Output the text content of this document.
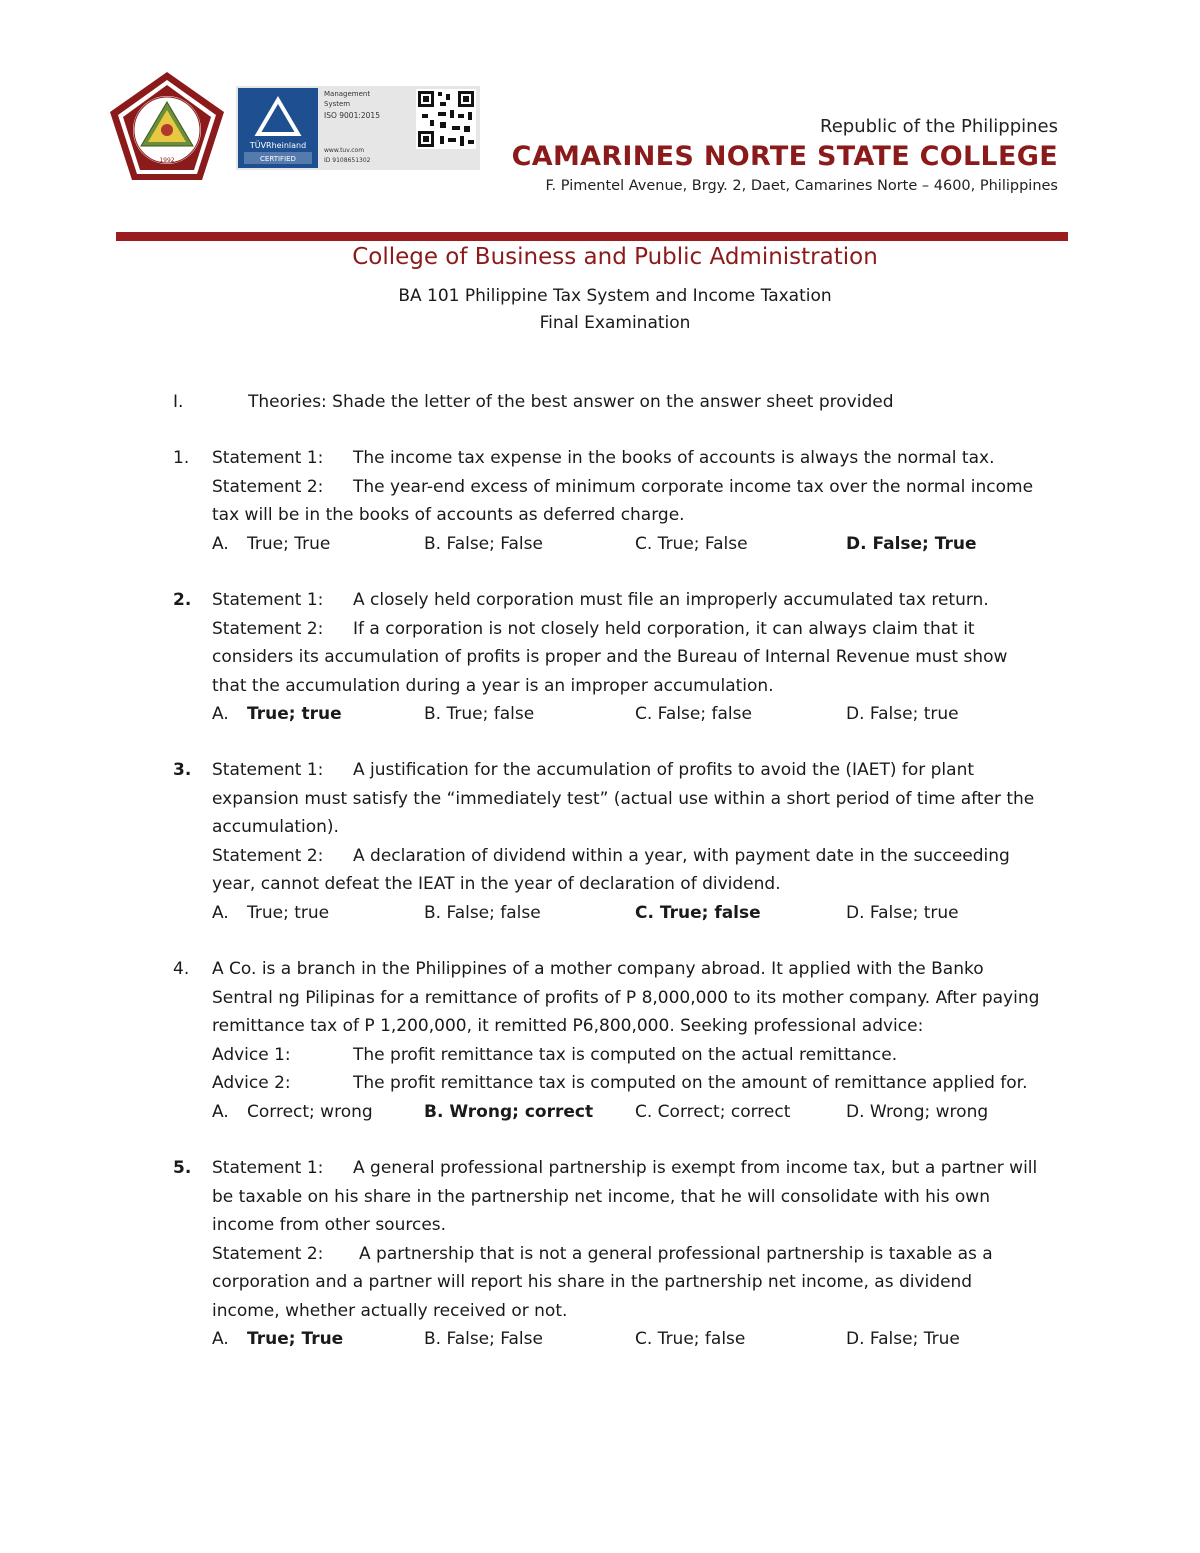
1992
TÜVRheinland
CERTIFIED
Management
System
ISO 9001:2015
www.tuv.com
ID 9108651302
Republic of the Philippines
CAMARINES NORTE STATE COLLEGE
F. Pimentel Avenue, Brgy. 2, Daet, Camarines Norte – 4600, Philippines
College of Business and Public Administration
BA 101 Philippine Tax System and Income Taxation
Final Examination
I.	Theories: Shade the letter of the best answer on the answer sheet provided
1.	Statement 1: The income tax expense in the books of accounts is always the normal tax.
Statement 2: The year-end excess of minimum corporate income tax over the normal income
tax will be in the books of accounts as deferred charge.
A. True; True	B. False; False	C. True; False	D. False; True
2.	Statement 1: A closely held corporation must file an improperly accumulated tax return.
Statement 2: If a corporation is not closely held corporation, it can always claim that it
considers its accumulation of profits is proper and the Bureau of Internal Revenue must show
that the accumulation during a year is an improper accumulation.
A. True; true	B. True; false	C. False; false	D. False; true
3.	Statement 1: A justification for the accumulation of profits to avoid the (IAET) for plant
expansion must satisfy the “immediately test” (actual use within a short period of time after the
accumulation).
Statement 2: A declaration of dividend within a year, with payment date in the succeeding
year, cannot defeat the IEAT in the year of declaration of dividend.
A. True; true	B. False; false	C. True; false	D. False; true
4.	A Co. is a branch in the Philippines of a mother company abroad. It applied with the Banko
Sentral ng Pilipinas for a remittance of profits of P 8,000,000 to its mother company. After paying
remittance tax of P 1,200,000, it remitted P6,800,000. Seeking professional advice:
Advice 1:	The profit remittance tax is computed on the actual remittance.
Advice 2:	The profit remittance tax is computed on the amount of remittance applied for.
A. Correct; wrong	B. Wrong; correct C. Correct; correct	D. Wrong; wrong
5.	Statement 1: A general professional partnership is exempt from income tax, but a partner will
be taxable on his share in the partnership net income, that he will consolidate with his own
income from other sources.
Statement 2: A partnership that is not a general professional partnership is taxable as a
corporation and a partner will report his share in the partnership net income, as dividend
income, whether actually received or not.
A. True; True	B. False; False	C. True; false	D. False; True
